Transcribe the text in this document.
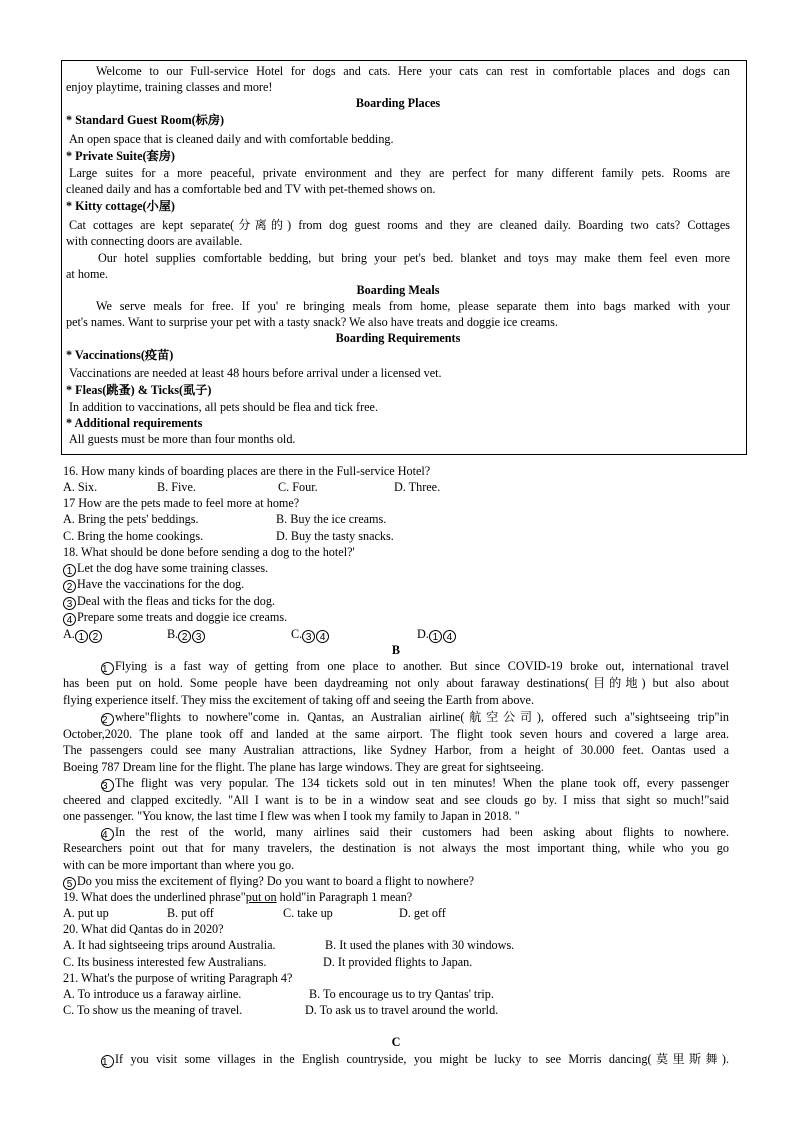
Welcome to our Full-service Hotel for dogs and cats. Here your cats can rest in comfortable places and dogs can
enjoy playtime, training classes and more!
Boarding Places
* Standard Guest Room(标房)
An open space that is cleaned daily and with comfortable bedding.
* Private Suite(套房)
Large suites for a more peaceful, private environment and they are perfect for many different family pets. Rooms are
cleaned daily and has a comfortable bed and TV with pet-themed shows on.
* Kitty cottage(小屋)
Cat cottages are kept separate(分离的) from dog guest rooms and they are cleaned daily. Boarding two cats? Cottages
with connecting doors are available.
Our hotel supplies comfortable bedding, but bring your pet's bed. blanket and toys may make them feel even more
at home.
Boarding Meals
We serve meals for free. If you' re bringing meals from home, please separate them into bags marked with your
pet's names. Want to surprise your pet with a tasty snack? We also have treats and doggie ice creams.
Boarding Requirements
* Vaccinations(疫苗)
Vaccinations are needed at least 48 hours before arrival under a licensed vet.
* Fleas(跳蚤) & Ticks(虱子)
In addition to vaccinations, all pets should be flea and tick free.
* Additional requirements
All guests must be more than four months old.
16. How many kinds of boarding places are there in the Full-service Hotel?
A. Six.	B. Five.	C. Four.	D. Three.
17 How are the pets made to feel more at home?
A. Bring the pets' beddings.	B. Buy the ice creams.
C. Bring the home cookings.	D. Buy the tasty snacks.
18. What should be done before sending a dog to the hotel?'
1 Let the dog have some training classes.
2 Have the vaccinations for the dog.
3 Deal with the fleas and ticks for the dog.
4 Prepare some treats and doggie ice creams.
A. 1 2	B. 2 3	C. 3 4	D. 1 4
B
1 Flying is a fast way of getting from one place to another. But since COVID-19 broke out, international travel
has been put on hold. Some people have been daydreaming not only about faraway destinations(目的地) but also about
flying experience itself. They miss the excitement of taking off and seeing the Earth from above.
2 where"flights to nowhere"come in. Qantas, an Australian airline(航空公司), offered such a"sightseeing trip"in
October,2020. The plane took off and landed at the same airport. The flight took seven hours and covered a large area.
The passengers could see many Australian attractions, like Sydney Harbor, from a height of 30.000 feet. Oantas used a
Boeing 787 Dream line for the flight. The plane has large windows. They are great for sightseeing.
3 The flight was very popular. The 134 tickets sold out in ten minutes! When the plane took off, every passenger
cheered and clapped excitedly. "All I want is to be in a window seat and see clouds go by. I miss that sight so much!"said
one passenger. "You know, the last time I flew was when I took my family to Japan in 2018. "
4 In the rest of the world, many airlines said their customers had been asking about flights to nowhere.
Researchers point out that for many travelers, the destination is not always the most important thing, while who you go
with can be more important than where you go.
5 Do you miss the excitement of flying? Do you want to board a flight to nowhere?
19. What does the underlined phrase"put on hold"in Paragraph 1 mean?
A. put up	B. put off	C. take up	D. get off
20. What did Qantas do in 2020?
A. It had sightseeing trips around Australia.	B. It used the planes with 30 windows.
C. Its business interested few Australians.	D. It provided flights to Japan.
21. What's the purpose of writing Paragraph 4?
A. To introduce us a faraway airline.	B. To encourage us to try Qantas' trip.
C. To show us the meaning of travel.	D. To ask us to travel around the world.
C
1 If you visit some villages in the English countryside, you might be lucky to see Morris dancing(莫里斯舞).
